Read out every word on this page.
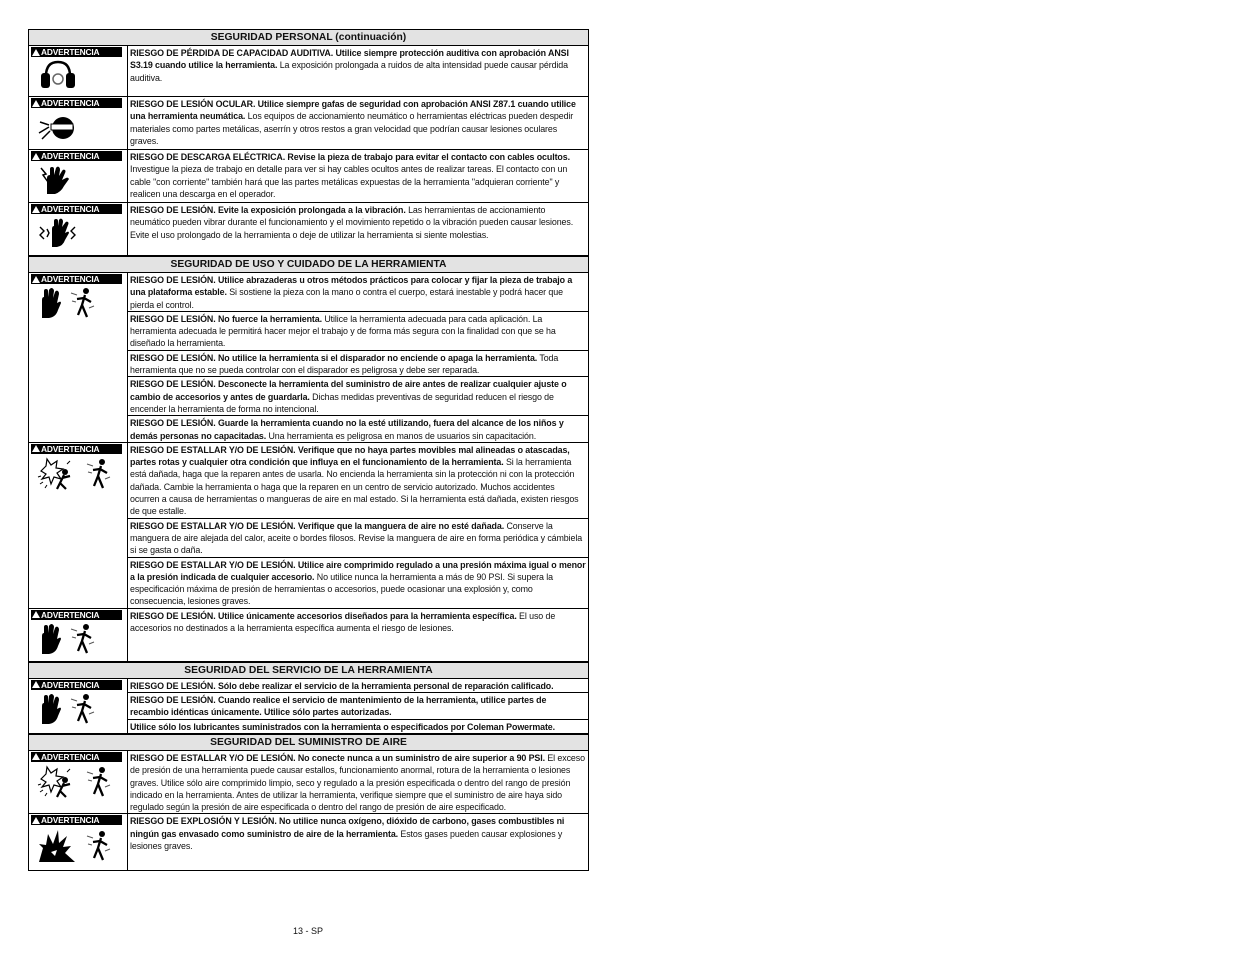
SEGURIDAD PERSONAL (continuación)
ADVERTENCIA	RIESGO DE PÉRDIDA DE CAPACIDAD AUDITIVA. Utilice siempre protección auditiva con aprobación ANSI S3.19 cuando utilice la herramienta. La exposición prolongada a ruidos de alta intensidad puede causar pérdida auditiva.
ADVERTENCIA	RIESGO DE LESIÓN OCULAR. Utilice siempre gafas de seguridad con aprobación ANSI Z87.1 cuando utilice una herramienta neumática. Los equipos de accionamiento neumático o herramientas eléctricas pueden despedir materiales como partes metálicas, aserrín y otros restos a gran velocidad que podrían causar lesiones oculares graves.
ADVERTENCIA	RIESGO DE DESCARGA ELÉCTRICA. Revise la pieza de trabajo para evitar el contacto con cables ocultos. Investigue la pieza de trabajo en detalle para ver si hay cables ocultos antes de realizar tareas. El contacto con un cable "con corriente" también hará que las partes metálicas expuestas de la herramienta "adquieran corriente" y realicen una descarga en el operador.
ADVERTENCIA	RIESGO DE LESIÓN. Evite la exposición prolongada a la vibración. Las herramientas de accionamiento neumático pueden vibrar durante el funcionamiento y el movimiento repetido o la vibración pueden causar lesiones. Evite el uso prolongado de la herramienta o deje de utilizar la herramienta si siente molestias.
SEGURIDAD DE USO Y CUIDADO DE LA HERRAMIENTA
ADVERTENCIA	RIESGO DE LESIÓN. Utilice abrazaderas u otros métodos prácticos para colocar y fijar la pieza de trabajo a una plataforma estable. Si sostiene la pieza con la mano o contra el cuerpo, estará inestable y podrá hacer que pierda el control.
RIESGO DE LESIÓN. No fuerce la herramienta. Utilice la herramienta adecuada para cada aplicación. La herramienta adecuada le permitirá hacer mejor el trabajo y de forma más segura con la finalidad con que se ha diseñado la herramienta.
RIESGO DE LESIÓN. No utilice la herramienta si el disparador no enciende o apaga la herramienta. Toda herramienta que no se pueda controlar con el disparador es peligrosa y debe ser reparada.
RIESGO DE LESIÓN. Desconecte la herramienta del suministro de aire antes de realizar cualquier ajuste o cambio de accesorios y antes de guardarla. Dichas medidas preventivas de seguridad reducen el riesgo de encender la herramienta de forma no intencional.
RIESGO DE LESIÓN. Guarde la herramienta cuando no la esté utilizando, fuera del alcance de los niños y demás personas no capacitadas. Una herramienta es peligrosa en manos de usuarios sin capacitación.
ADVERTENCIA	RIESGO DE ESTALLAR Y/O DE LESIÓN. Verifique que no haya partes movibles mal alineadas o atascadas, partes rotas y cualquier otra condición que influya en el funcionamiento de la herramienta. Si la herramienta está dañada, haga que la reparen antes de usarla. No encienda la herramienta sin la protección ni con la protección dañada. Cambie la herramienta o haga que la reparen en un centro de servicio autorizado. Muchos accidentes ocurren a causa de herramientas o mangueras de aire en mal estado. Si la herramienta está dañada, existen riesgos de que estalle.
RIESGO DE ESTALLAR Y/O DE LESIÓN. Verifique que la manguera de aire no esté dañada. Conserve la manguera de aire alejada del calor, aceite o bordes filosos. Revise la manguera de aire en forma periódica y cámbiela si se gasta o daña.
RIESGO DE ESTALLAR Y/O DE LESIÓN. Utilice aire comprimido regulado a una presión máxima igual o menor a la presión indicada de cualquier accesorio. No utilice nunca la herramienta a más de 90 PSI. Si supera la especificación máxima de presión de herramientas o accesorios, puede ocasionar una explosión y, como consecuencia, lesiones graves.
ADVERTENCIA	RIESGO DE LESIÓN. Utilice únicamente accesorios diseñados para la herramienta específica. El uso de accesorios no destinados a la herramienta específica aumenta el riesgo de lesiones.
SEGURIDAD DEL SERVICIO DE LA HERRAMIENTA
ADVERTENCIA	RIESGO DE LESIÓN. Sólo debe realizar el servicio de la herramienta personal de reparación calificado.
RIESGO DE LESIÓN. Cuando realice el servicio de mantenimiento de la herramienta, utilice partes de recambio idénticas únicamente. Utilice sólo partes autorizadas.
Utilice sólo los lubricantes suministrados con la herramienta o especificados por Coleman Powermate.
SEGURIDAD DEL SUMINISTRO DE AIRE
ADVERTENCIA	RIESGO DE ESTALLAR Y/O DE LESIÓN. No conecte nunca a un suministro de aire superior a 90 PSI. El exceso de presión de una herramienta puede causar estallos, funcionamiento anormal, rotura de la herramienta o lesiones graves. Utilice sólo aire comprimido limpio, seco y regulado a la presión especificada o dentro del rango de presión indicado en la herramienta. Antes de utilizar la herramienta, verifique siempre que el suministro de aire haya sido regulado según la presión de aire especificada o dentro del rango de presión de aire especificado.
ADVERTENCIA	RIESGO DE EXPLOSIÓN Y LESIÓN. No utilice nunca oxígeno, dióxido de carbono, gases combustibles ni ningún gas envasado como suministro de aire de la herramienta. Estos gases pueden causar explosiones y lesiones graves.
13 - SP
